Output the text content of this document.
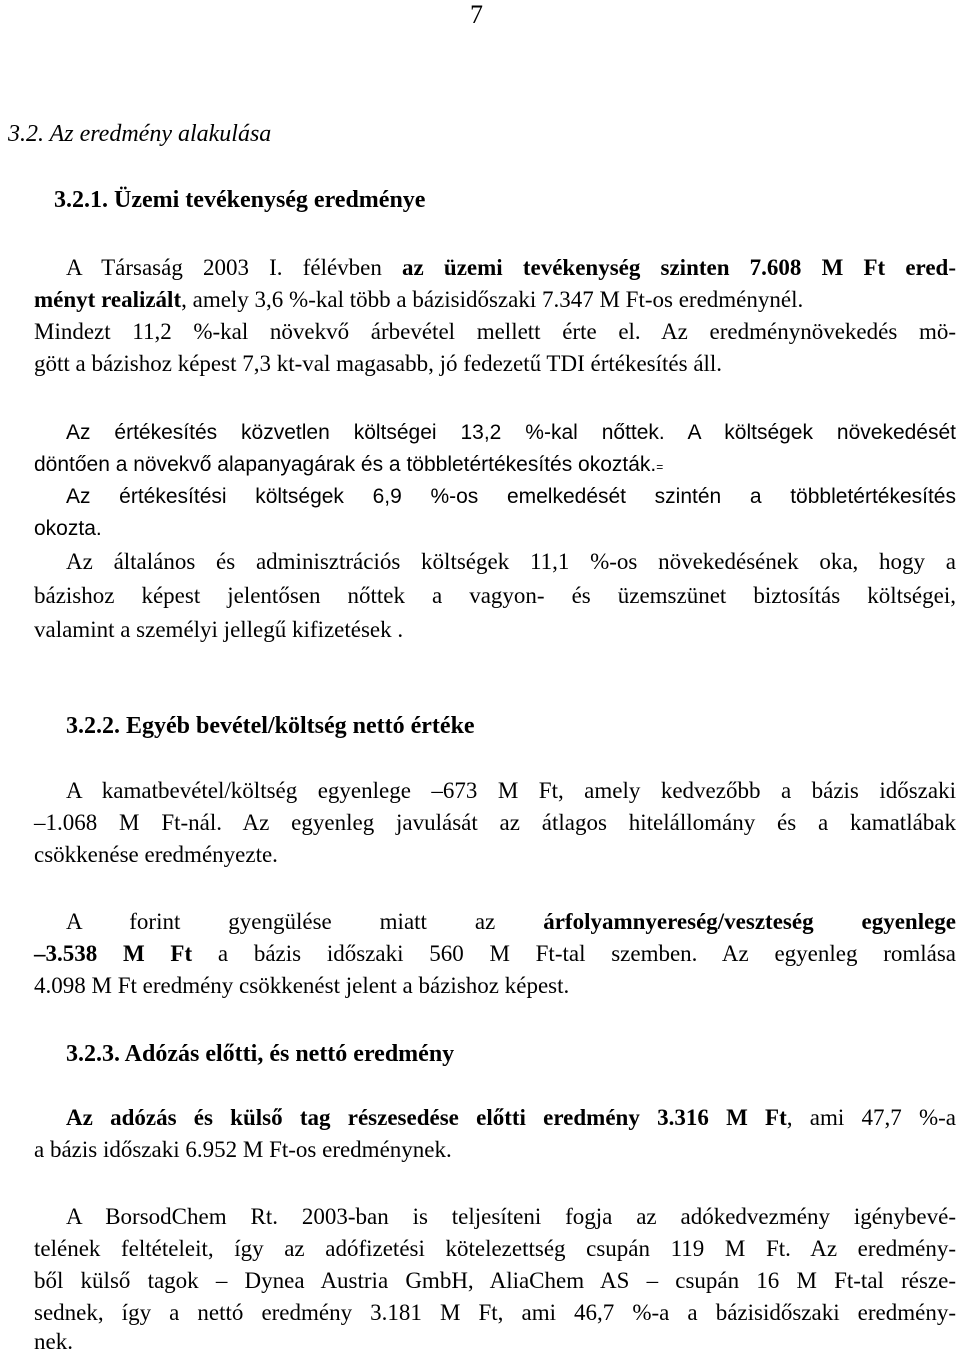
7
3.2. Az eredmény alakulása
3.2.1. Üzemi tevékenység eredménye
A Társaság 2003 I. félévben az üzemi tevékenység szinten 7.608 M Ft ered-
ményt realizált, amely 3,6 %-kal több a bázisidőszaki 7.347 M Ft-os eredménynél.
Mindezt 11,2 %-kal növekvő árbevétel mellett érte el. Az eredménynövekedés mö-
gött a bázishoz képest 7,3 kt-val magasabb, jó fedezetű TDI értékesítés áll.
Az értékesítés közvetlen költségei 13,2 %-kal nőttek. A költségek növekedését
döntően a növekvő alapanyagárak és a többletértékesítés okozták.=
Az értékesítési költségek 6,9 %-os emelkedését szintén a többletértékesítés
okozta.
Az általános és adminisztrációs költségek 11,1 %-os növekedésének oka, hogy a
bázishoz képest jelentősen nőttek a vagyon- és üzemszünet biztosítás költségei,
valamint a személyi jellegű kifizetések .
3.2.2. Egyéb bevétel/költség nettó értéke
A kamatbevétel/költség egyenlege –673 M Ft, amely kedvezőbb a bázis időszaki
–1.068 M Ft-nál. Az egyenleg javulását az átlagos hitelállomány és a kamatlábak
csökkenése eredményezte.
A forint gyengülése miatt az árfolyamnyereség/veszteség egyenlege
–3.538 M Ft a bázis időszaki 560 M Ft-tal szemben. Az egyenleg romlása
4.098 M Ft eredmény csökkenést jelent a bázishoz képest.
3.2.3. Adózás előtti, és nettó eredmény
Az adózás és külső tag részesedése előtti eredmény 3.316 M Ft, ami 47,7 %-a
a bázis időszaki 6.952 M Ft-os eredménynek.
A BorsodChem Rt. 2003-ban is teljesíteni fogja az adókedvezmény igénybevé-
telének feltételeit, így az adófizetési kötelezettség csupán 119 M Ft. Az eredmény-
ből külső tagok – Dynea Austria GmbH, AliaChem AS – csupán 16 M Ft-tal része-
sednek, így a nettó eredmény 3.181 M Ft, ami 46,7 %-a a bázisidőszaki eredmény-
nek.
